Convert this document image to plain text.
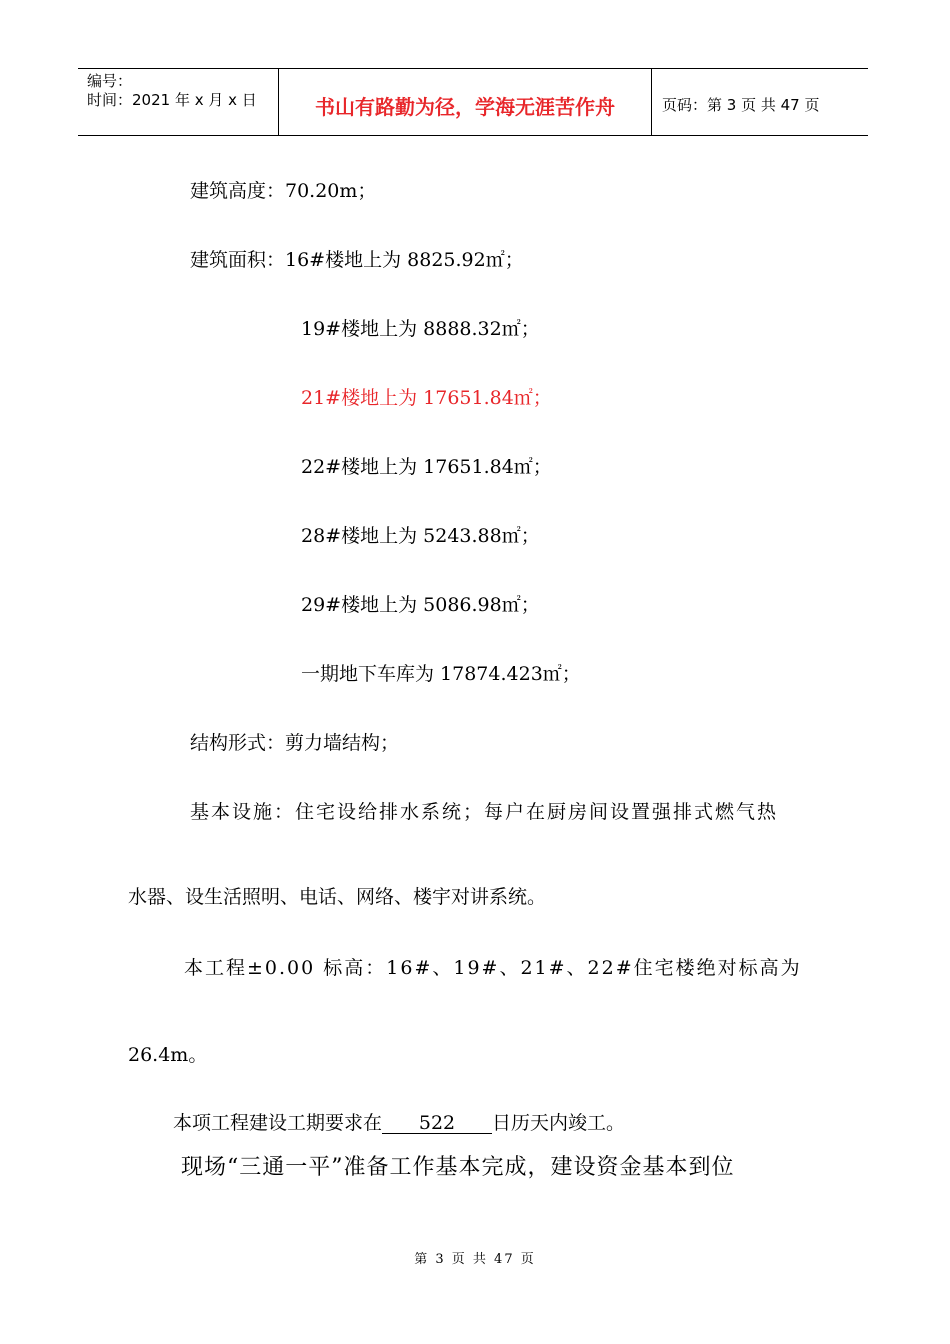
编号：
时间：2021 年 x 月 x 日	书山有路勤为径，学海无涯苦作舟	页码：第 3 页 共 47 页
建筑高度：70.20m；
建筑面积：16#楼地上为 8825.92㎡；
19#楼地上为 8888.32㎡；
21#楼地上为 17651.84㎡；
22#楼地上为 17651.84㎡；
28#楼地上为 5243.88㎡；
29#楼地上为 5086.98㎡；
一期地下车库为 17874.423㎡；
结构形式：剪力墙结构；
基本设施：住宅设给排水系统；每户在厨房间设置强排式燃气热
水器、设生活照明、电话、网络、楼宇对讲系统。
本工程±0.00 标高：16#、19#、21#、22#住宅楼绝对标高为
26.4m。
本项工程建设工期要求在 522 日历天内竣工。
现场“三通一平”准备工作基本完成，建设资金基本到位
第 3 页 共 47 页
